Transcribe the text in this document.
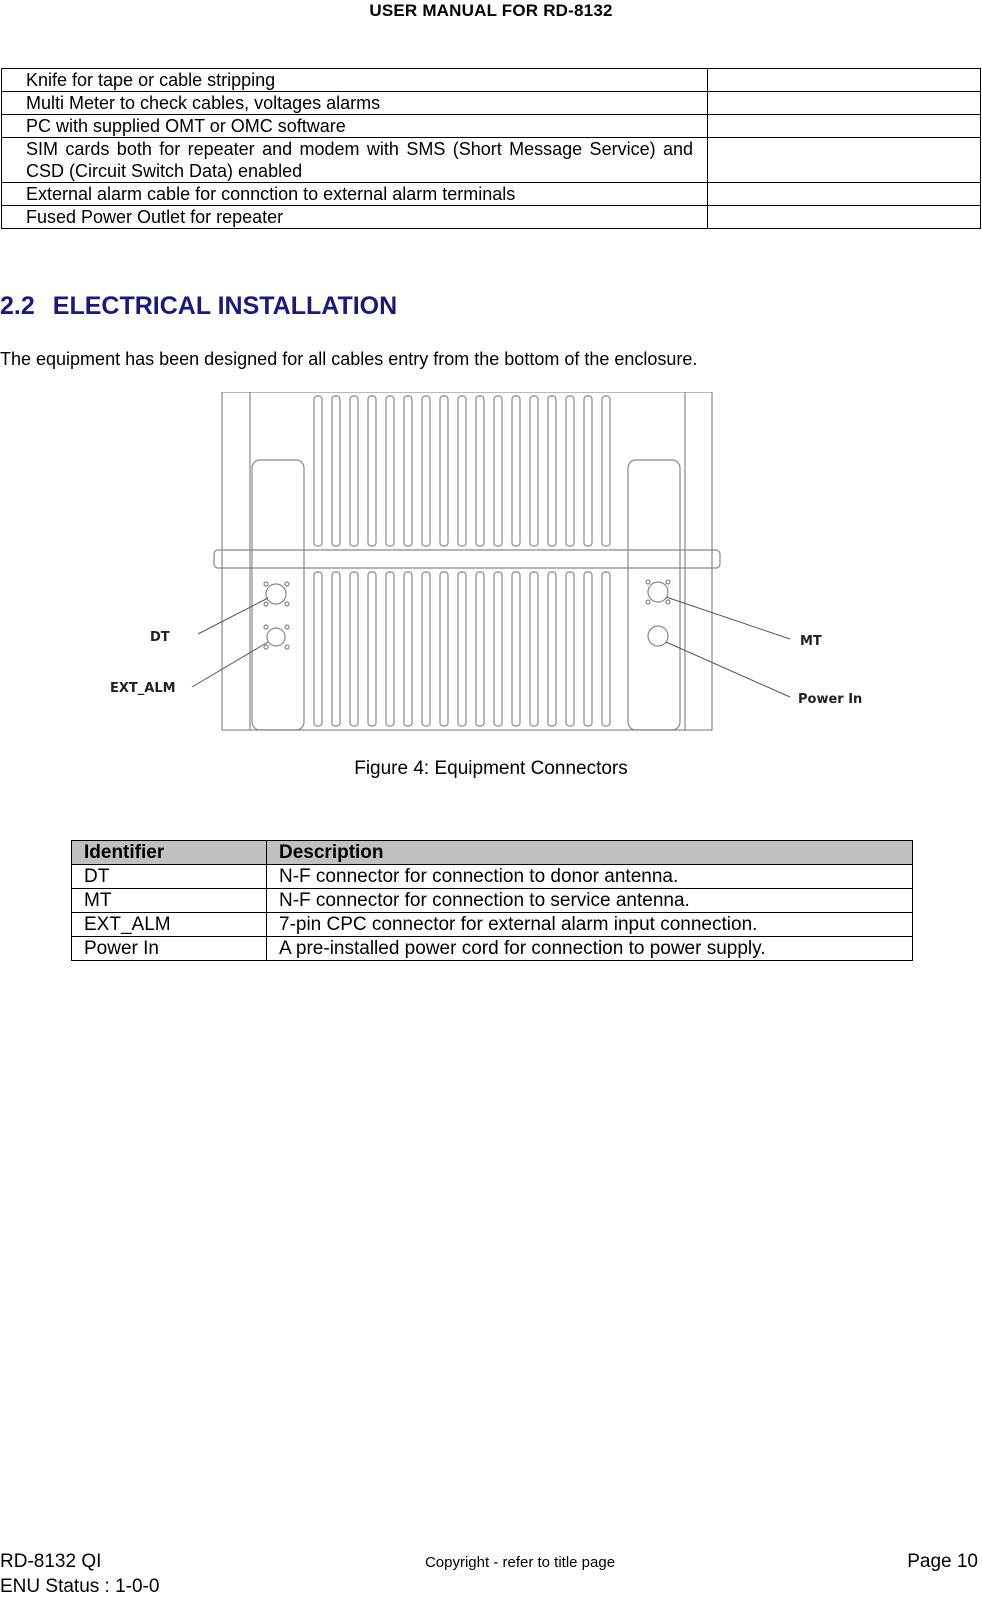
USER MANUAL FOR RD-8132
Knife for tape or cable stripping	
Multi Meter to check cables, voltages alarms	
PC with supplied OMT or OMC software	
SIM cards both for repeater and modem with SMS (Short Message Service) and CSD (Circuit Switch Data) enabled	
External alarm cable for connction to external alarm terminals	
Fused Power Outlet for repeater	
2.2 ELECTRICAL INSTALLATION
The equipment has been designed for all cables entry from the bottom of the enclosure.
DT
EXT_ALM
MT
Power In
Figure 4: Equipment Connectors
Identifier	Description
DT	N-F connector for connection to donor antenna.
MT	N-F connector for connection to service antenna.
EXT_ALM	7-pin CPC connector for external alarm input connection.
Power In	A pre-installed power cord for connection to power supply.
RD-8132 QI
ENU Status : 1-0-0
Copyright - refer to title page	Page 10
